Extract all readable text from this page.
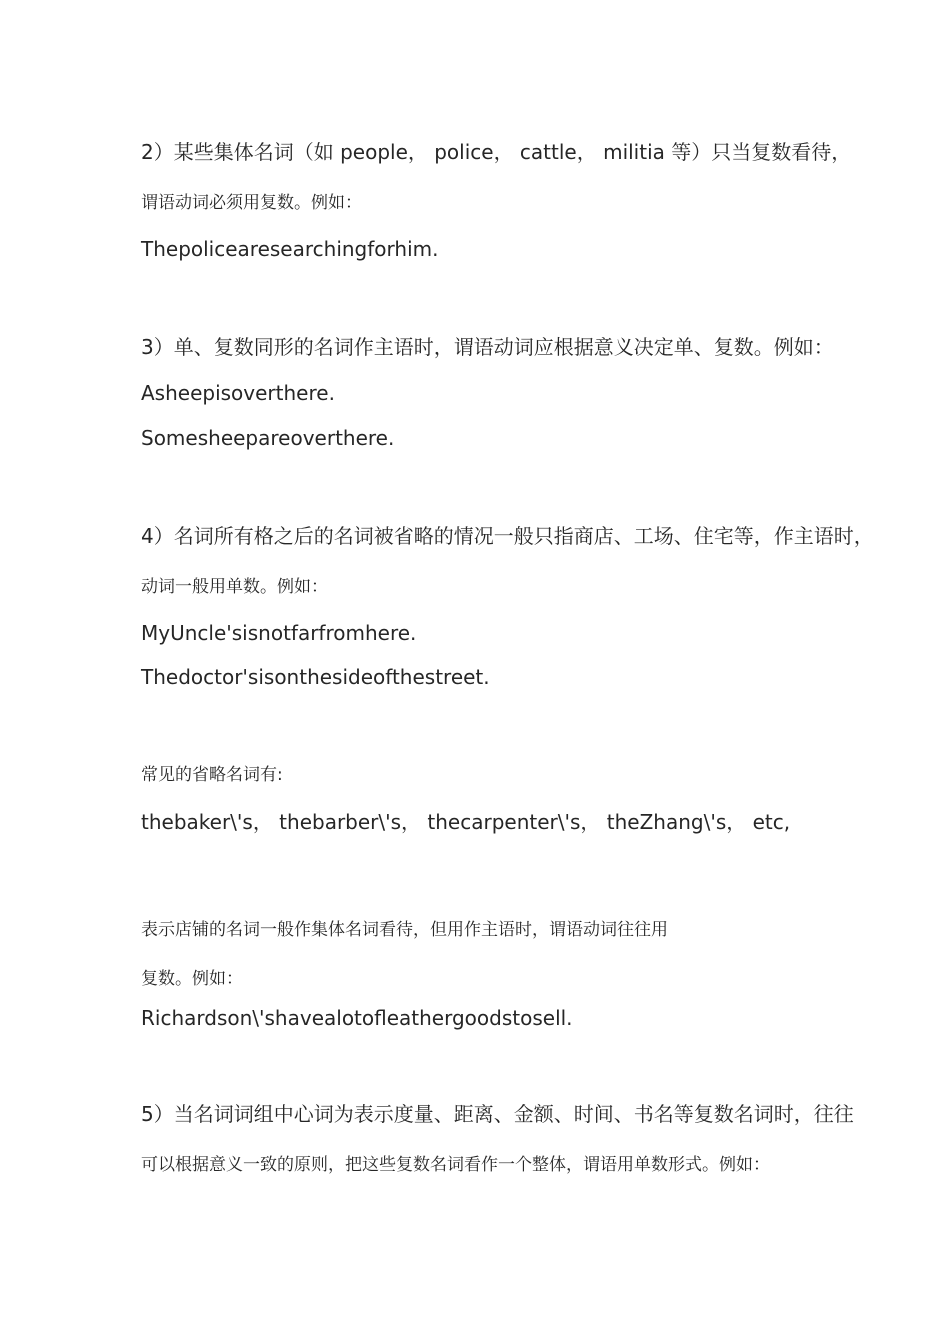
2）某些集体名词（如 people， police， cattle， militia 等）只当复数看待，

谓语动词必须用复数。例如：

Thepolicearesearchingforhim.

3）单、复数同形的名词作主语时，谓语动词应根据意义决定单、复数。例如：

Asheepisoverthere.

Somesheepareoverthere.

4）名词所有格之后的名词被省略的情况一般只指商店、工场、住宅等，作主语时，

动词一般用单数。例如：

MyUncle'sisnotfarfromhere.

Thedoctor'sisonthesideofthestreet.

常见的省略名词有:

thebaker\'s， thebarber\'s， thecarpenter\'s， theZhang\'s， etc,

表示店铺的名词一般作集体名词看待，但用作主语时，谓语动词往往用

复数。例如：

Richardson\'shavealotofleathergoodstosell.

5）当名词词组中心词为表示度量、距离、金额、时间、书名等复数名词时，往往

可以根据意义一致的原则，把这些复数名词看作一个整体，谓语用单数形式。例如：
